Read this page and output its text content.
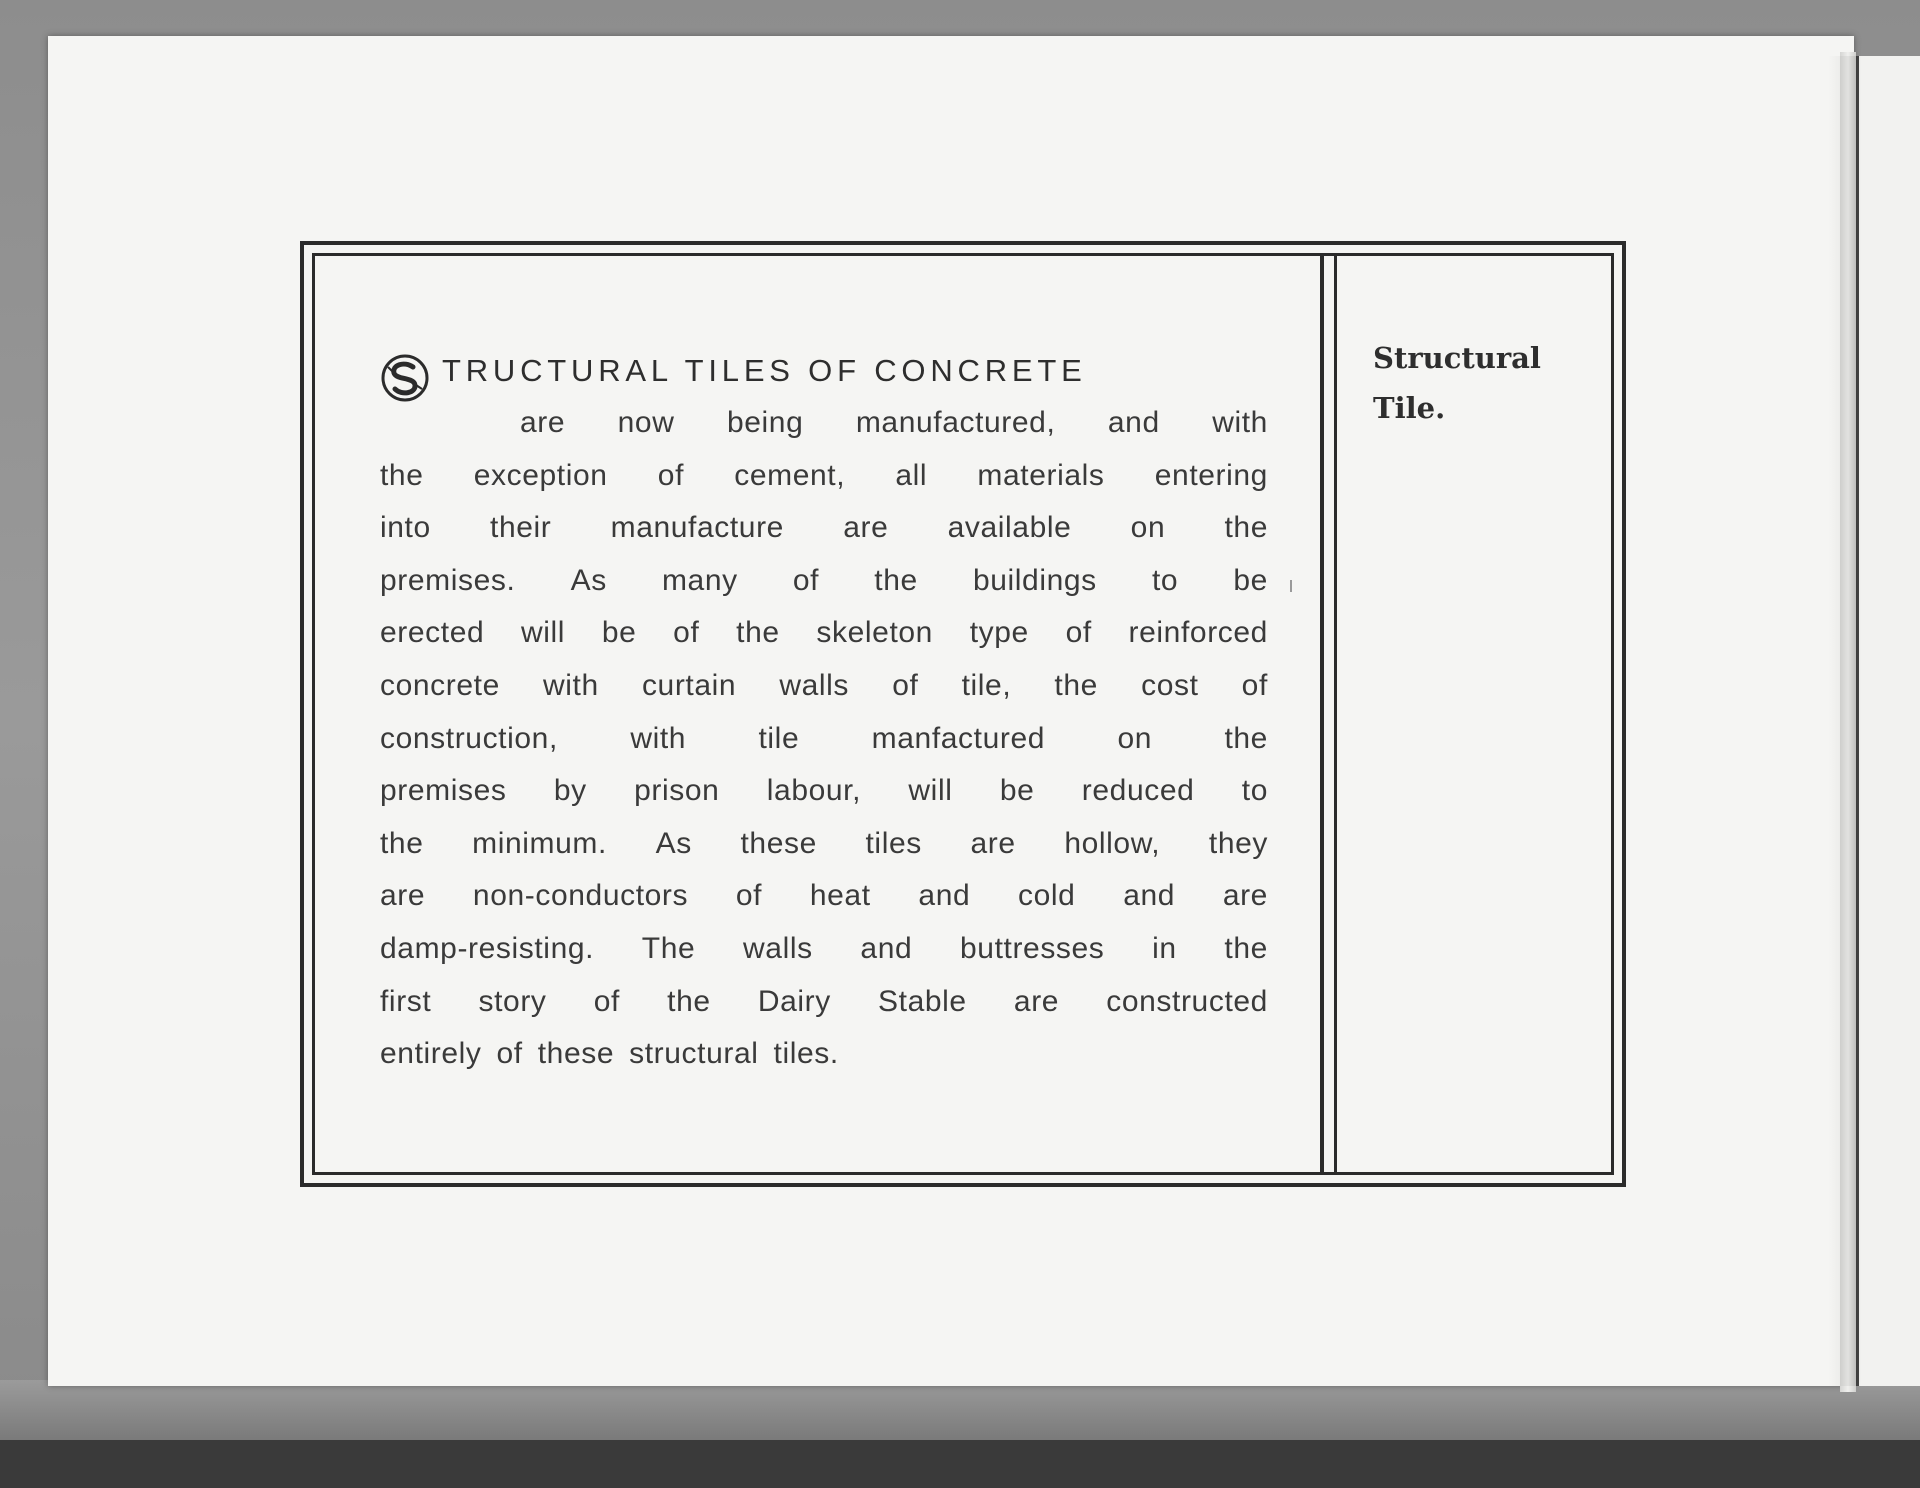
TRUCTURAL TILES OF CONCRETE
are now being manufactured, and with
the exception of cement, all materials entering
into their manufacture are available on the
premises. As many of the buildings to be
erected will be of the skeleton type of reinforced
concrete with curtain walls of tile, the cost of
construction, with tile manfactured on the
premises by prison labour, will be reduced to
the minimum. As these tiles are hollow, they
are non-conductors of heat and cold and are
damp-resisting. The walls and buttresses in the
first story of the Dairy Stable are constructed
entirely of these structural tiles.
Structural
Tile.
